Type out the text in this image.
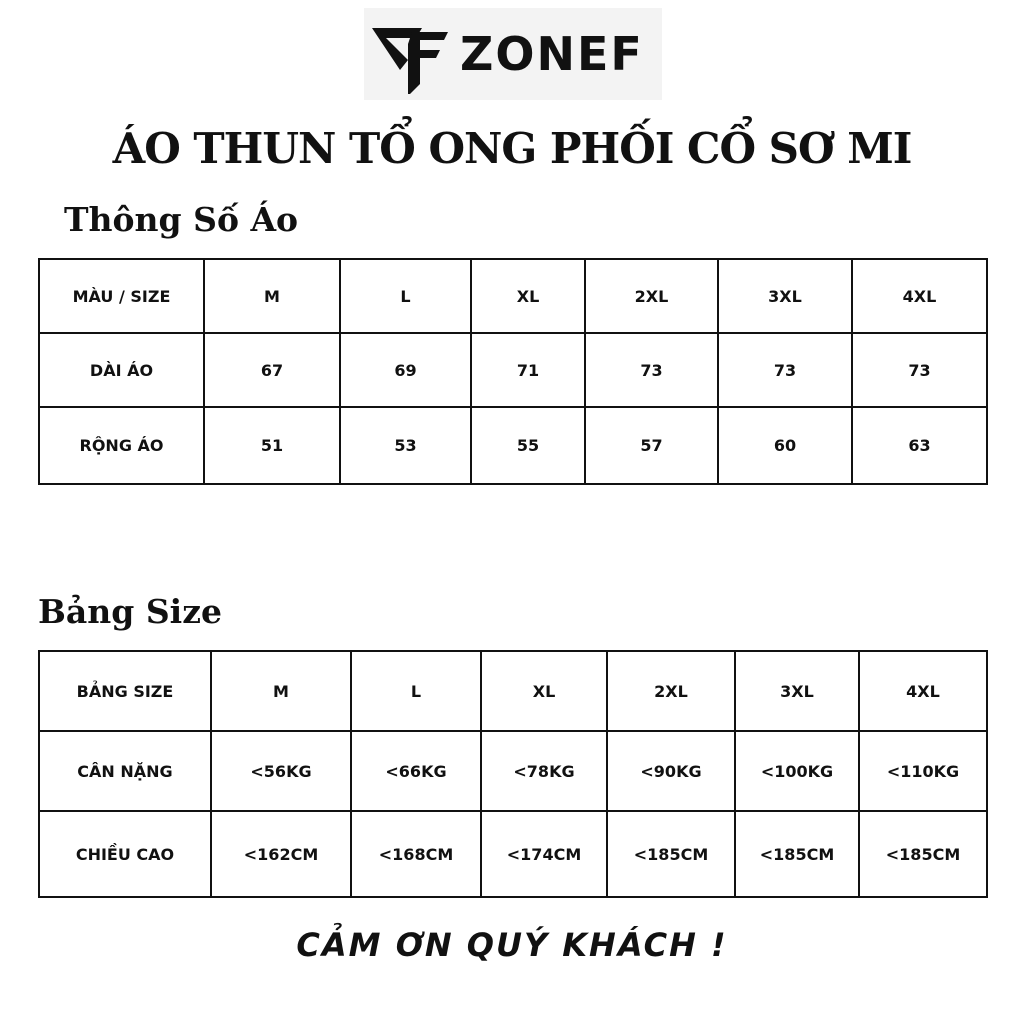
ZONEF
ÁO THUN TỔ ONG PHỐI CỔ SƠ MI
Thông Số Áo
MÀU / SIZE	M	L	XL	2XL	3XL	4XL
DÀI ÁO	67	69	71	73	73	73
RỘNG ÁO	51	53	55	57	60	63
Bảng Size
BẢNG SIZE	M	L	XL	2XL	3XL	4XL
CÂN NẶNG	<56KG	<66KG	<78KG	<90KG	<100KG	<110KG
CHIỀU CAO	<162CM	<168CM	<174CM	<185CM	<185CM	<185CM

CẢM ƠN QUÝ KHÁCH !
